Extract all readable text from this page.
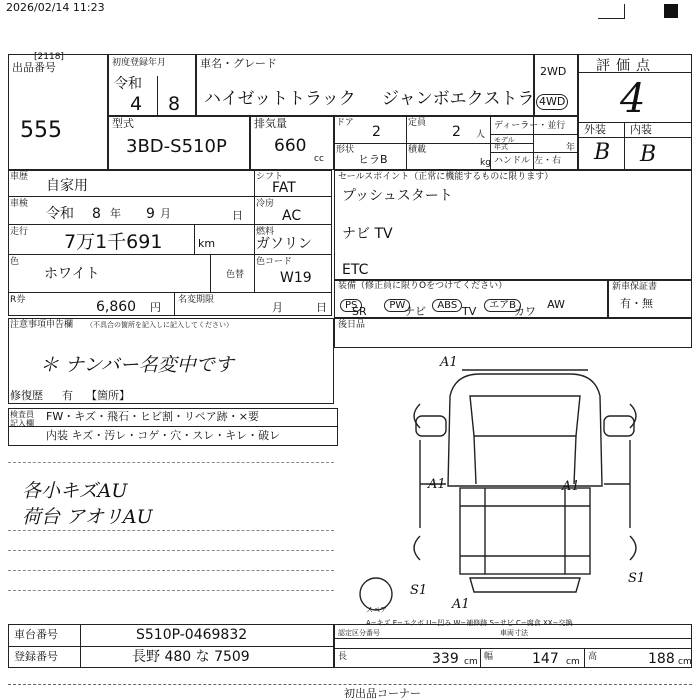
2026/02/14 11:23
[2118]
出品番号
555
初度登録年月
令和
4 8
車名・グレード
ハイゼットトラック ジャンボエクストラ
2WD
4WD
評価点
4
外装 内装
B B
型式
3BD-S510P
排気量
660
cc
ドア
2
定員
2 人
形状
ヒラB
積載
kg
ディーラー・並行
モデル年式	年
ハンドル 左・右
車歴
自家用
シフト
FAT
車検
令和 8 年 9 月	日
冷房
AC
走行 7万1千691	km
燃料
ガソリン
色
ホワイト	色替
色コード
W19
R券	6,860 円
名変期限
月	日
セールスポイント（正常に機能するものに限ります）
プッシュスタート
ナビ TV
ETC
装備（修正員に限りOをつけてください）
PS	PW	ABS	エアB	AW
SR	ナビ	TV	カワ
新車保証書
有・無
後日品
注意事項申告欄 （不具合の箇所を記入しに記入してください）
＊ ナンバー名変中です
修復歴 有 【箇所】
検査員記入欄
FW・キズ・飛石・ヒビ割・リペア跡・×要
内装 キズ・汚レ・コゲ・穴・スレ・キレ・破レ
各小キズAU
荷台 アオリAU
A1
A1	A1
S1
S1
A1
スペア
A−キズ E−エクボ U−凹み W−補修跡 S−サビ C−腐食 XX−交換
車台番号	S510P-0469832
登録番号	長野 480 な 7509
認定区分番号	車両寸法
長	339 cm 幅	147 cm 高	188 cm
初出品コーナー
